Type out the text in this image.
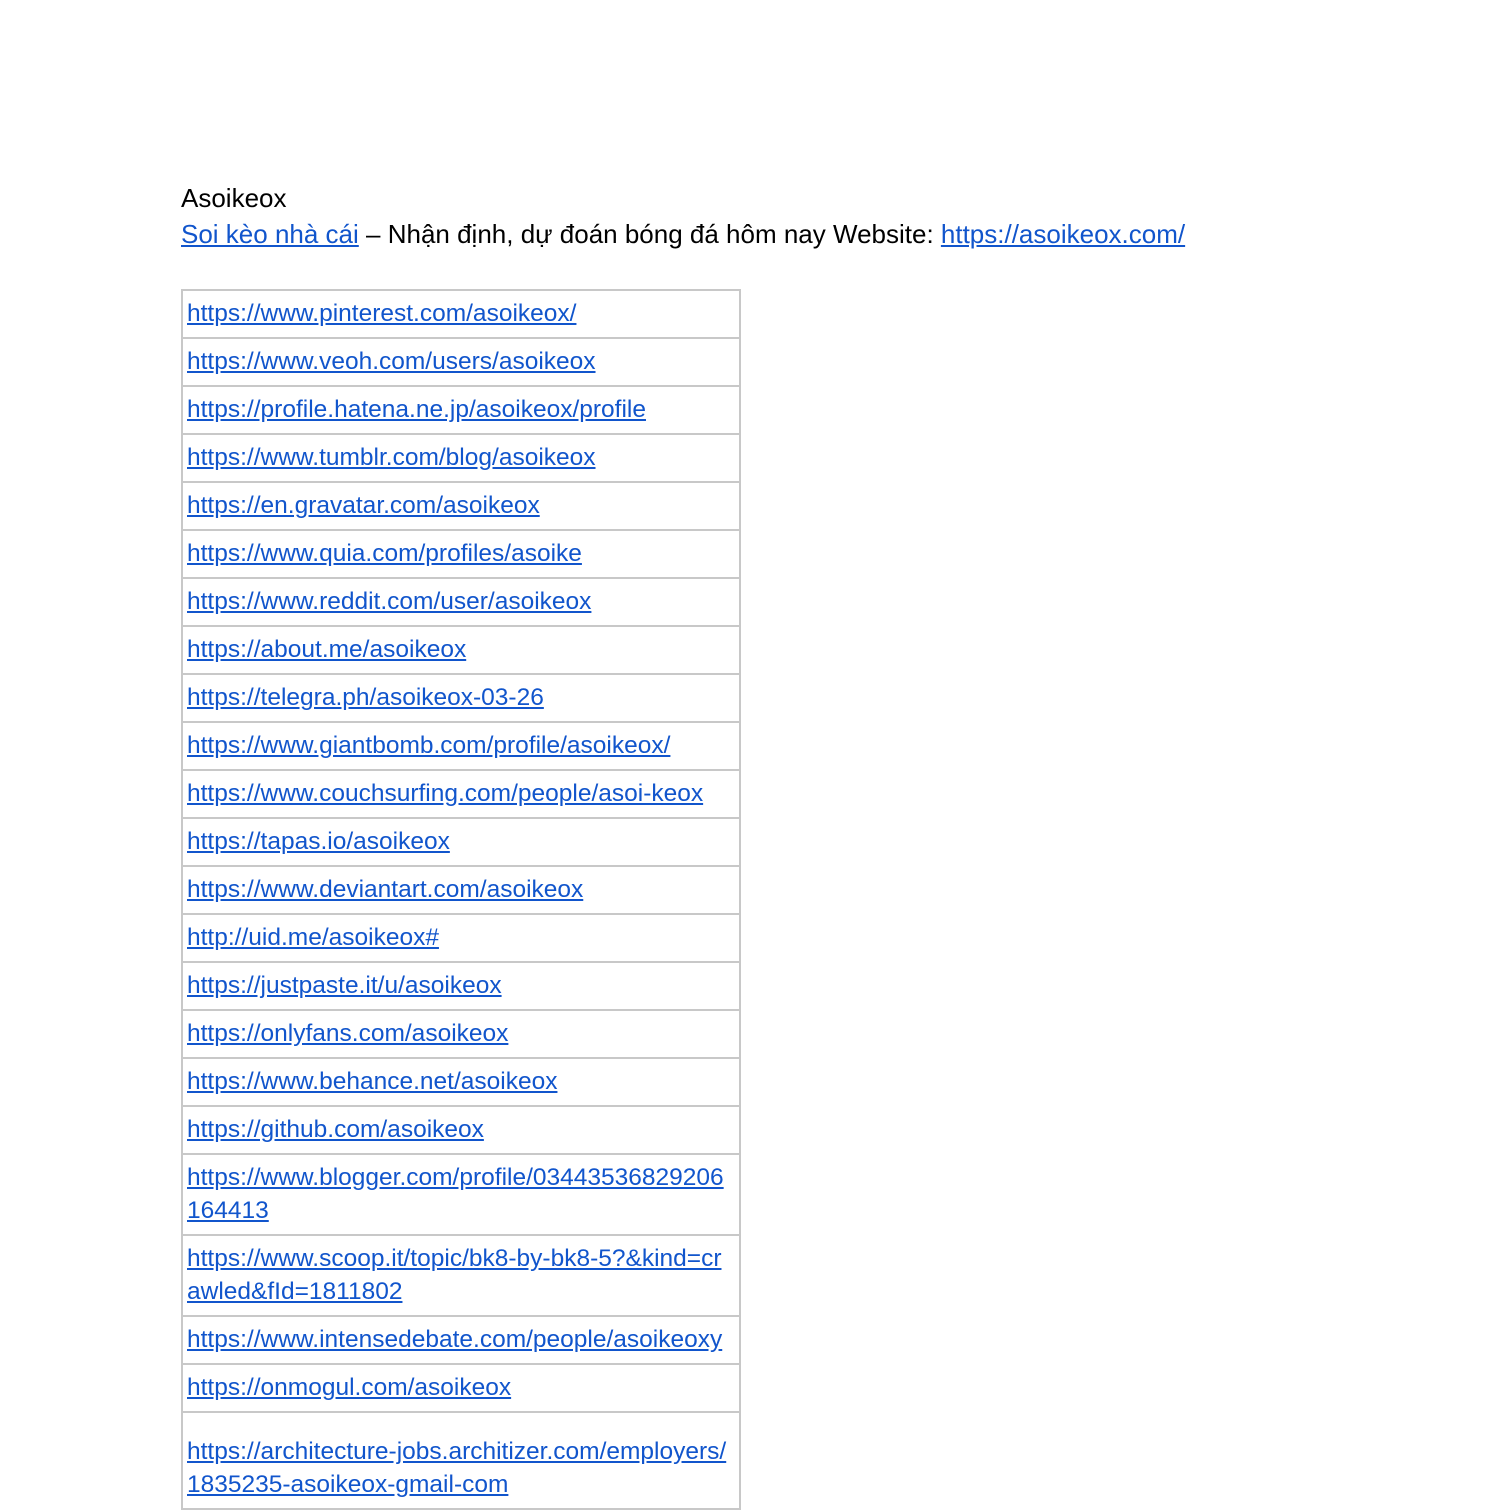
Asoikeox

Soi kèo nhà cái – Nhận định, dự đoán bóng đá hôm nay Website: https://asoikeox.com/

https://www.pinterest.com/asoikeox/
https://www.veoh.com/users/asoikeox
https://profile.hatena.ne.jp/asoikeox/profile
https://www.tumblr.com/blog/asoikeox
https://en.gravatar.com/asoikeox
https://www.quia.com/profiles/asoike
https://www.reddit.com/user/asoikeox
https://about.me/asoikeox
https://telegra.ph/asoikeox-03-26
https://www.giantbomb.com/profile/asoikeox/
https://www.couchsurfing.com/people/asoi-keox
https://tapas.io/asoikeox
https://www.deviantart.com/asoikeox
http://uid.me/asoikeox#
https://justpaste.it/u/asoikeox
https://onlyfans.com/asoikeox
https://www.behance.net/asoikeox
https://github.com/asoikeox
https://www.blogger.com/profile/03443536829206164413
https://www.scoop.it/topic/bk8-by-bk8-5?&kind=crawled&fId=1811802
https://www.intensedebate.com/people/asoikeoxy
https://onmogul.com/asoikeox
https://architecture-jobs.architizer.com/employers/1835235-asoikeox-gmail-com
